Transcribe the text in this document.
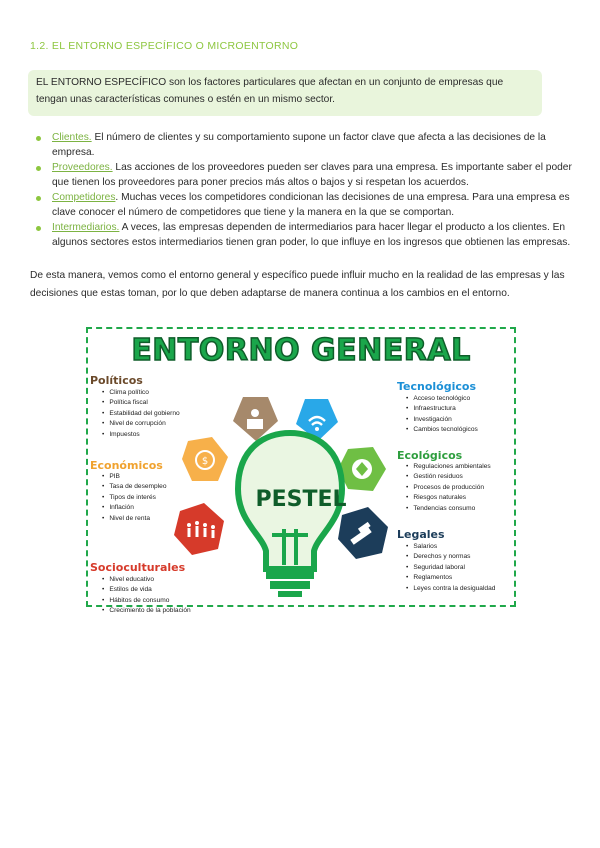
1.2. EL ENTORNO ESPECÍFICO O MICROENTORNO
EL ENTORNO ESPECÍFICO son los factores particulares que afectan en un conjunto de empresas que tengan unas características comunes o estén en un mismo sector.
Clientes. El número de clientes y su comportamiento supone un factor clave que afecta a las decisiones de la empresa.
Proveedores. Las acciones de los proveedores pueden ser claves para una empresa. Es importante saber el poder que tienen los proveedores para poner precios más altos o bajos y si respetan los acuerdos.
Competidores. Muchas veces los competidores condicionan las decisiones de una empresa. Para una empresa es clave conocer el número de competidores que tiene y la manera en la que se comportan.
Intermediarios. A veces, las empresas dependen de intermediarios para hacer llegar el producto a los clientes. En algunos sectores estos intermediarios tienen gran poder, lo que influye en los ingresos que obtienen las empresas.
De esta manera, vemos como el entorno general y específico puede influir mucho en la realidad de las empresas y las decisiones que estas toman, por lo que deben adaptarse de manera continua a los cambios en el entorno.
ENTORNO GENERAL
$
PESTEL
Políticos
• Clima político
• Política fiscal
• Estabilidad del gobierno
• Nivel de corrupción
• Impuestos
Económicos
• PIB
• Tasa de desempleo
• Tipos de interés
• Inflación
• Nivel de renta
Socioculturales
• Nivel educativo
• Estilos de vida
• Hábitos de consumo
• Crecimiento de la población
Tecnológicos
• Acceso tecnológico
• Infraestructura
• Investigación
• Cambios tecnológicos
Ecológicos
• Regulaciones ambientales
• Gestión residuos
• Procesos de producción
• Riesgos naturales
• Tendencias consumo
Legales
• Salarios
• Derechos y normas
• Seguridad laboral
• Reglamentos
• Leyes contra la desigualdad
